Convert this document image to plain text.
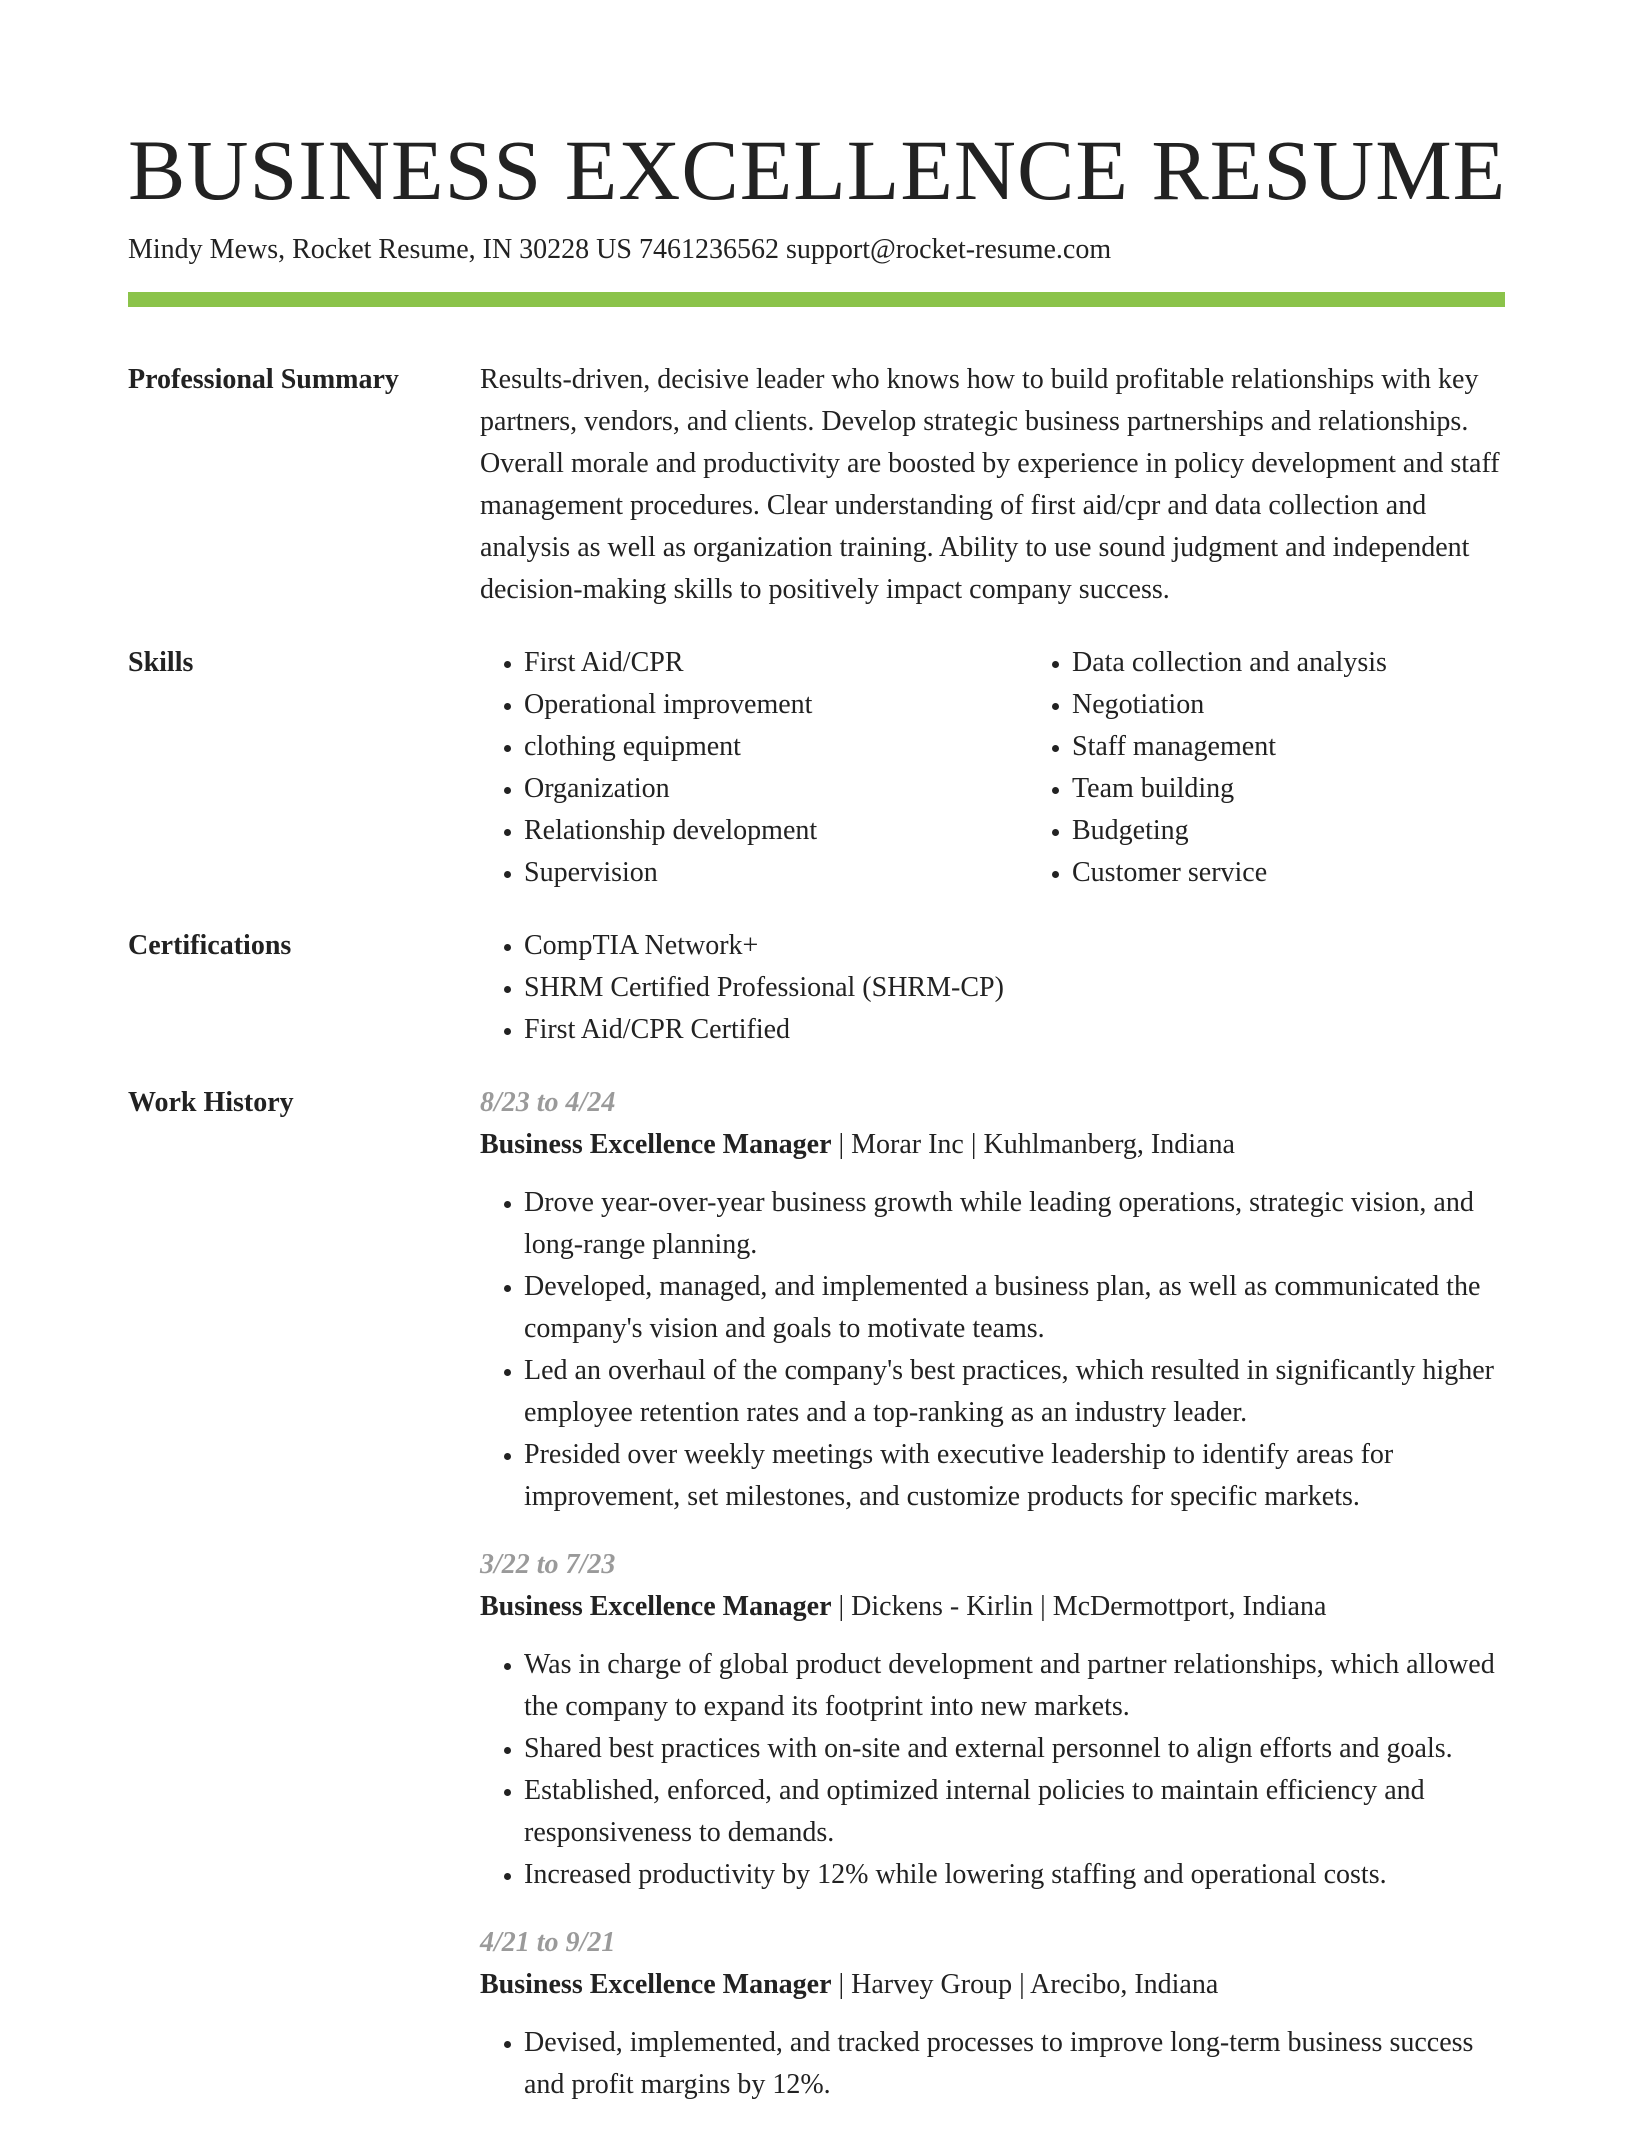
BUSINESS EXCELLENCE RESUME
Mindy Mews, Rocket Resume, IN 30228 US 7461236562 support@rocket-resume.com
Professional Summary	Results-driven, decisive leader who knows how to build profitable relationships with key partners, vendors, and clients. Develop strategic business partnerships and relationships. Overall morale and productivity are boosted by experience in policy development and staff management procedures. Clear understanding of first aid/cpr and data collection and analysis as well as organization training. Ability to use sound judgment and independent decision-making skills to positively impact company success.

Skills	• First Aid/CPR
• Operational improvement
• clothing equipment
• Organization
• Relationship development
• Supervision
• Data collection and analysis
• Negotiation
• Staff management
• Team building
• Budgeting
• Customer service
Certifications	• CompTIA Network+
• SHRM Certified Professional (SHRM-CP)
• First Aid/CPR Certified
Work History	8/23 to 4/24
Business Excellence Manager | Morar Inc | Kuhlmanberg, Indiana
• Drove year-over-year business growth while leading operations, strategic vision, and long-range planning.
• Developed, managed, and implemented a business plan, as well as communicated the company's vision and goals to motivate teams.
• Led an overhaul of the company's best practices, which resulted in significantly higher employee retention rates and a top-ranking as an industry leader.
• Presided over weekly meetings with executive leadership to identify areas for improvement, set milestones, and customize products for specific markets.
3/22 to 7/23
Business Excellence Manager | Dickens - Kirlin | McDermottport, Indiana
• Was in charge of global product development and partner relationships, which allowed the company to expand its footprint into new markets.
• Shared best practices with on-site and external personnel to align efforts and goals.
• Established, enforced, and optimized internal policies to maintain efficiency and responsiveness to demands.
• Increased productivity by 12% while lowering staffing and operational costs.
4/21 to 9/21
Business Excellence Manager | Harvey Group | Arecibo, Indiana
• Devised, implemented, and tracked processes to improve long-term business success and profit margins by 12%.
